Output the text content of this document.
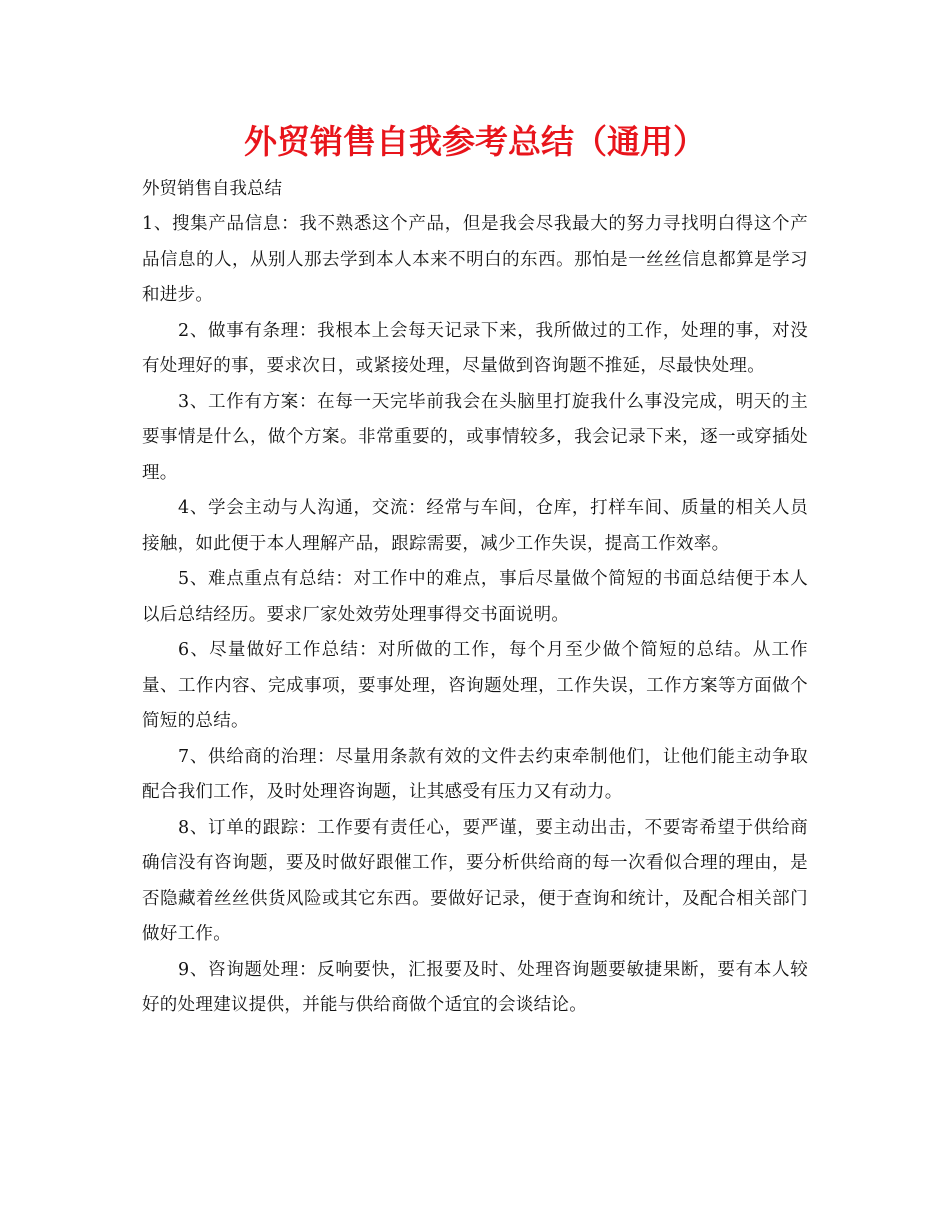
外贸销售自我参考总结（通用）

外贸销售自我总结

1、搜集产品信息：我不熟悉这个产品，但是我会尽我最大的努力寻找明白得这个产品信息的人，从别人那去学到本人本来不明白的东西。那怕是一丝丝信息都算是学习和进步。

2、做事有条理：我根本上会每天记录下来，我所做过的工作，处理的事，对没有处理好的事，要求次日，或紧接处理，尽量做到咨询题不推延，尽最快处理。

3、工作有方案：在每一天完毕前我会在头脑里打旋我什么事没完成，明天的主要事情是什么，做个方案。非常重要的，或事情较多，我会记录下来，逐一或穿插处理。

4、学会主动与人沟通，交流：经常与车间，仓库，打样车间、质量的相关人员接触，如此便于本人理解产品，跟踪需要，减少工作失误，提高工作效率。

5、难点重点有总结：对工作中的难点，事后尽量做个简短的书面总结便于本人以后总结经历。要求厂家处效劳处理事得交书面说明。

6、尽量做好工作总结：对所做的工作，每个月至少做个简短的总结。从工作量、工作内容、完成事项，要事处理，咨询题处理，工作失误，工作方案等方面做个简短的总结。

7、供给商的治理：尽量用条款有效的文件去约束牵制他们，让他们能主动争取配合我们工作，及时处理咨询题，让其感受有压力又有动力。

8、订单的跟踪：工作要有责任心，要严谨，要主动出击，不要寄希望于供给商确信没有咨询题，要及时做好跟催工作，要分析供给商的每一次看似合理的理由，是否隐藏着丝丝供货风险或其它东西。要做好记录，便于查询和统计，及配合相关部门做好工作。

9、咨询题处理：反响要快，汇报要及时、处理咨询题要敏捷果断，要有本人较好的处理建议提供，并能与供给商做个适宜的会谈结论。
